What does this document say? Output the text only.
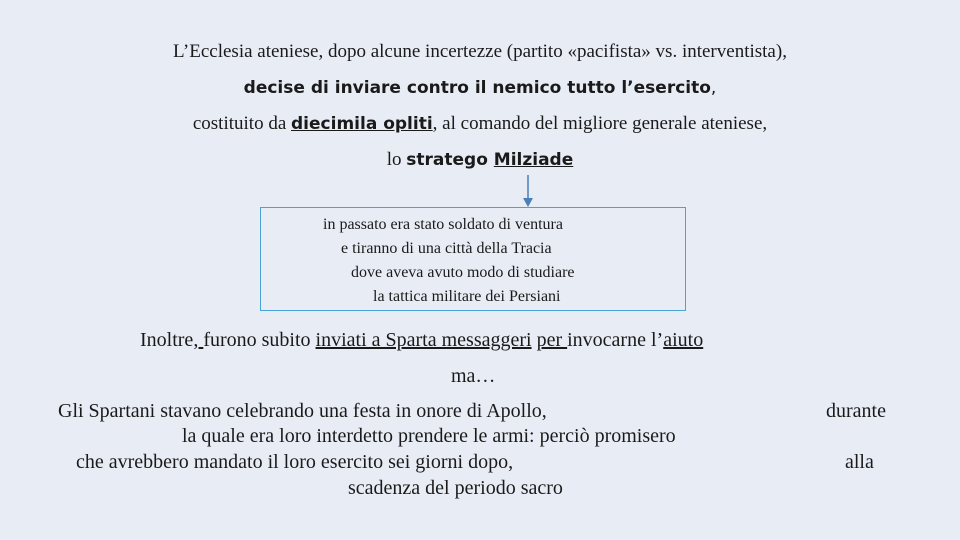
L’Ecclesia ateniese, dopo alcune incertezze (partito «pacifista» vs. interventista),
decise di inviare contro il nemico tutto l’esercito,
costituito da diecimila opliti, al comando del migliore generale ateniese,
lo stratego Milziade
in passato era stato soldato di ventura
e tiranno di una città della Tracia
dove aveva avuto modo di studiare
la tattica militare dei Persiani
Inoltre, furono subito inviati a Sparta messaggeri per invocarne l’aiuto
ma…
Gli Spartani stavano celebrando una festa in onore di Apollo,	durante
la quale era loro interdetto prendere le armi: perciò promisero
che avrebbero mandato il loro esercito sei giorni dopo,	alla
scadenza del periodo sacro
